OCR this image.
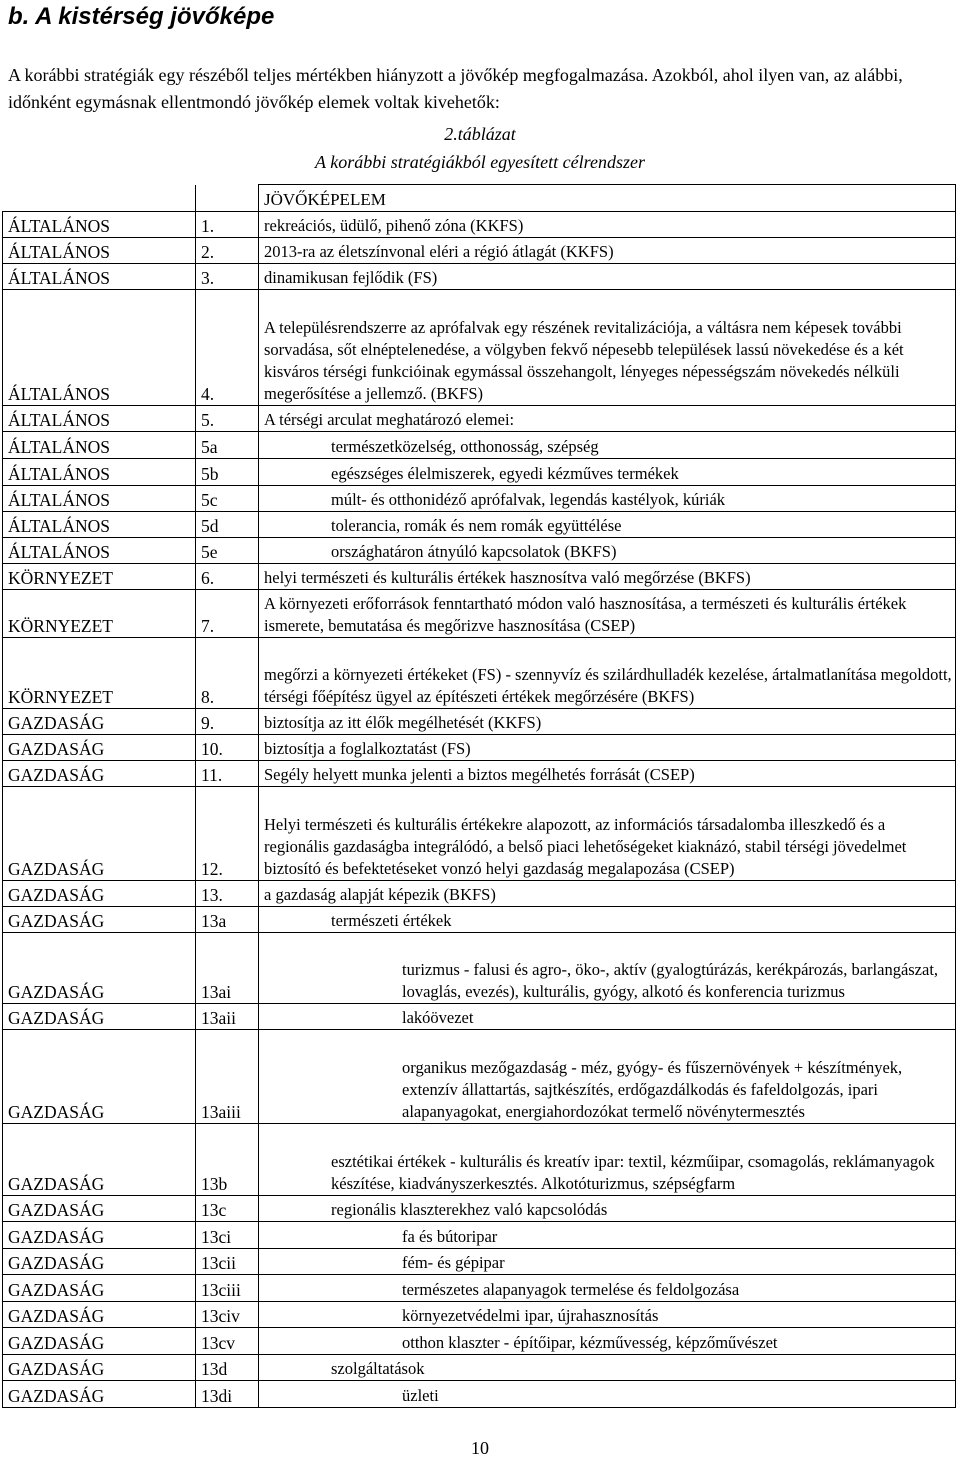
b. A kistérség jövőképe

A korábbi stratégiák egy részéből teljes mértékben hiányzott a jövőkép megfogalmazása. Azokból, ahol ilyen van, az alábbi, időnként egymásnak ellentmondó jövőkép elemek voltak kivehetők:

2.táblázat
A korábbi stratégiákból egyesített célrendszer
		JÖVŐKÉPELEM
ÁLTALÁNOS	1.	rekreációs, üdülő, pihenő zóna (KKFS)
ÁLTALÁNOS	2.	2013-ra az életszínvonal eléri a régió átlagát (KKFS)
ÁLTALÁNOS	3.	dinamikusan fejlődik (FS)
ÁLTALÁNOS	4.	A településrendszerre az aprófalvak egy részének revitalizációja, a váltásra nem képesek további sorvadása, sőt elnéptelenedése, a völgyben fekvő népesebb települések lassú növekedése és a két kisváros térségi funkcióinak egymással összehangolt, lényeges népességszám növekedés nélküli megerősítése a jellemző. (BKFS)
ÁLTALÁNOS	5.	A térségi arculat meghatározó elemei:
ÁLTALÁNOS	5a	természetközelség, otthonosság, szépség
ÁLTALÁNOS	5b	egészséges élelmiszerek, egyedi kézműves termékek
ÁLTALÁNOS	5c	múlt- és otthonidéző aprófalvak, legendás kastélyok, kúriák
ÁLTALÁNOS	5d	tolerancia, romák és nem romák együttélése
ÁLTALÁNOS	5e	országhatáron átnyúló kapcsolatok (BKFS)
KÖRNYEZET	6.	helyi természeti és kulturális értékek hasznosítva való megőrzése (BKFS)
KÖRNYEZET	7.	A környezeti erőforrások fenntartható módon való hasznosítása, a természeti és kulturális értékek ismerete, bemutatása és megőrizve hasznosítása (CSEP)
KÖRNYEZET	8.	megőrzi a környezeti értékeket (FS) - szennyvíz és szilárdhulladék kezelése, ártalmatlanítása megoldott, térségi főépítész ügyel az építészeti értékek megőrzésére (BKFS)
GAZDASÁG	9.	biztosítja az itt élők megélhetését (KKFS)
GAZDASÁG	10.	biztosítja a foglalkoztatást (FS)
GAZDASÁG	11.	Segély helyett munka jelenti a biztos megélhetés forrását (CSEP)
GAZDASÁG	12.	Helyi természeti és kulturális értékekre alapozott, az információs társadalomba illeszkedő és a regionális gazdaságba integrálódó, a belső piaci lehetőségeket kiaknázó, stabil térségi jövedelmet biztosító és befektetéseket vonzó helyi gazdaság megalapozása (CSEP)
GAZDASÁG	13.	a gazdaság alapját képezik (BKFS)
GAZDASÁG	13a	természeti értékek
GAZDASÁG	13ai	turizmus - falusi és agro-, öko-, aktív (gyalogtúrázás, kerékpározás, barlangászat, lovaglás, evezés), kulturális, gyógy, alkotó és konferencia turizmus
GAZDASÁG	13aii	lakóövezet
GAZDASÁG	13aiii	organikus mezőgazdaság - méz, gyógy- és fűszernövények + készítmények, extenzív állattartás, sajtkészítés, erdőgazdálkodás és fafeldolgozás, ipari alapanyagokat, energiahordozókat termelő növénytermesztés
GAZDASÁG	13b	esztétikai értékek - kulturális és kreatív ipar: textil, kézműipar, csomagolás, reklámanyagok készítése, kiadványszerkesztés. Alkotóturizmus, szépségfarm
GAZDASÁG	13c	regionális klaszterekhez való kapcsolódás
GAZDASÁG	13ci	fa és bútoripar
GAZDASÁG	13cii	fém- és gépipar
GAZDASÁG	13ciii	természetes alapanyagok termelése és feldolgozása
GAZDASÁG	13civ	környezetvédelmi ipar, újrahasznosítás
GAZDASÁG	13cv	otthon klaszter - építőipar, kézművesség, képzőművészet
GAZDASÁG	13d	szolgáltatások
GAZDASÁG	13di	üzleti
10
